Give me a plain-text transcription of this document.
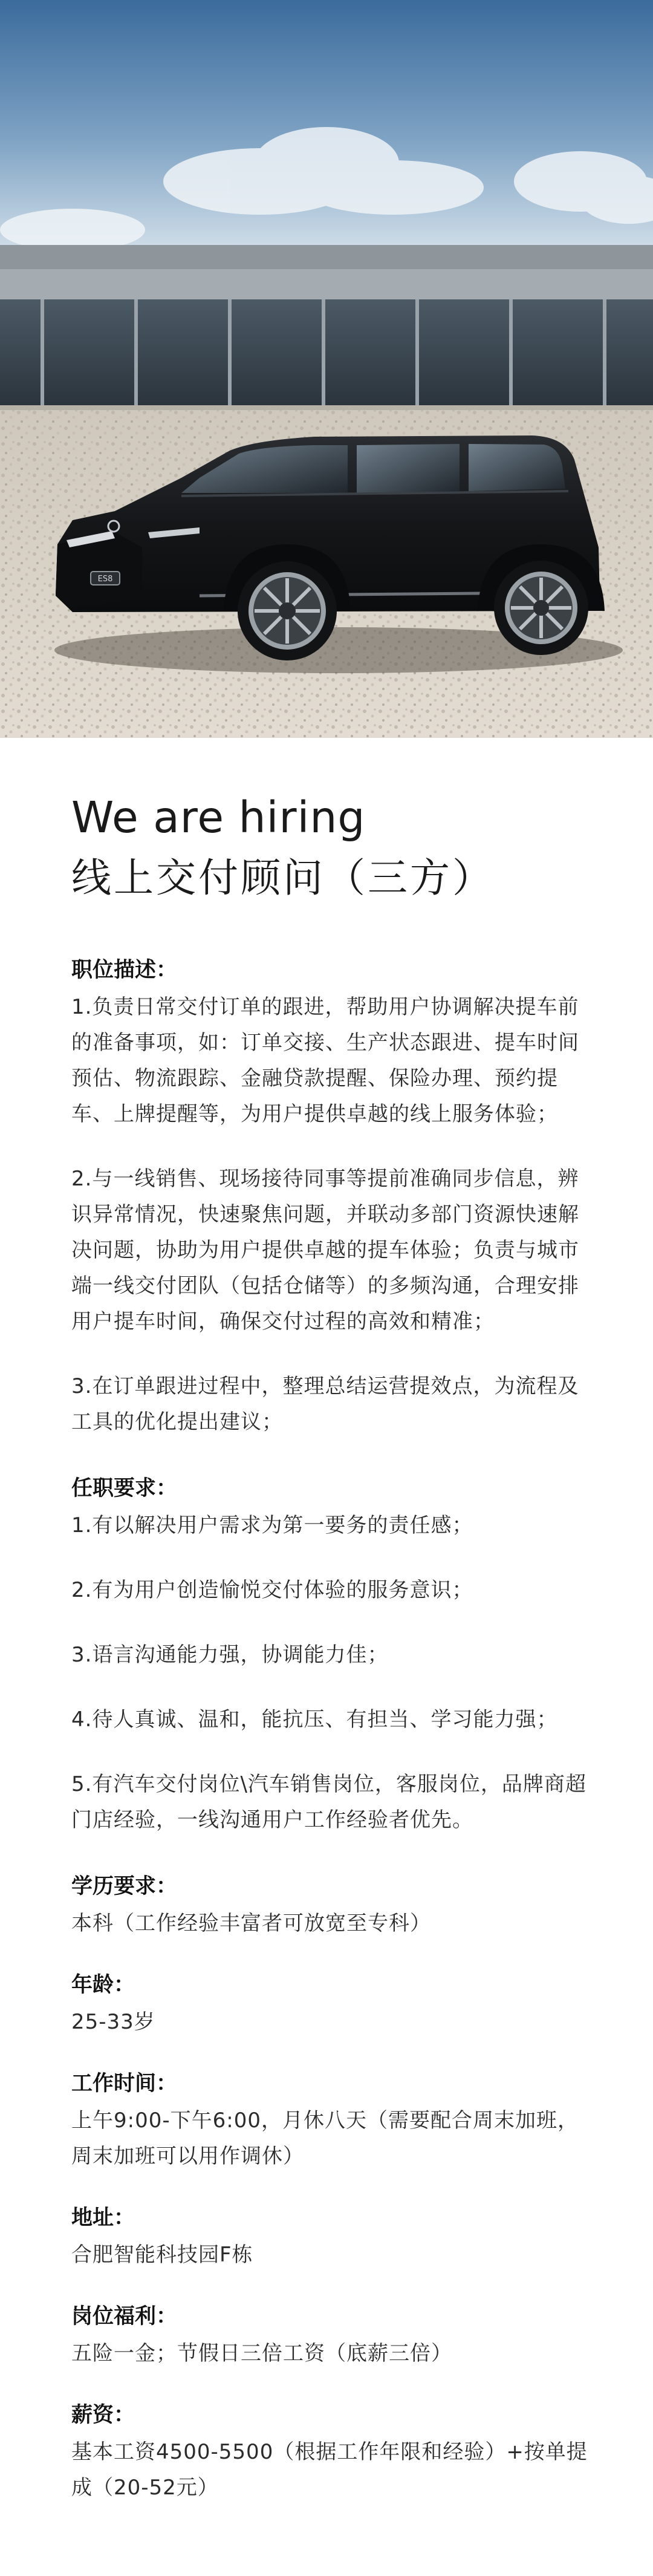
ES8
We are hiring
线上交付顾问（三方）

职位描述：

1.负责日常交付订单的跟进，帮助用户协调解决提车前的准备事项，如：订单交接、生产状态跟进、提车时间预估、物流跟踪、金融贷款提醒、保险办理、预约提车、上牌提醒等，为用户提供卓越的线上服务体验；

2.与一线销售、现场接待同事等提前准确同步信息，辨识异常情况，快速聚焦问题，并联动多部门资源快速解决问题，协助为用户提供卓越的提车体验；负责与城市端一线交付团队（包括仓储等）的多频沟通，合理安排用户提车时间，确保交付过程的高效和精准；

3.在订单跟进过程中，整理总结运营提效点，为流程及工具的优化提出建议；

任职要求：

1.有以解决用户需求为第一要务的责任感；

2.有为用户创造愉悦交付体验的服务意识；

3.语言沟通能力强，协调能力佳；

4.待人真诚、温和，能抗压、有担当、学习能力强；

5.有汽车交付岗位\汽车销售岗位，客服岗位，品牌商超门店经验，一线沟通用户工作经验者优先。

学历要求：

本科（工作经验丰富者可放宽至专科）

年龄：

25-33岁

工作时间：

上午9:00-下午6:00，月休八天（需要配合周末加班，周末加班可以用作调休）

地址：

合肥智能科技园F栋

岗位福利：

五险一金；节假日三倍工资（底薪三倍）

薪资：

基本工资4500-5500（根据工作年限和经验）+按单提成（20-52元）
